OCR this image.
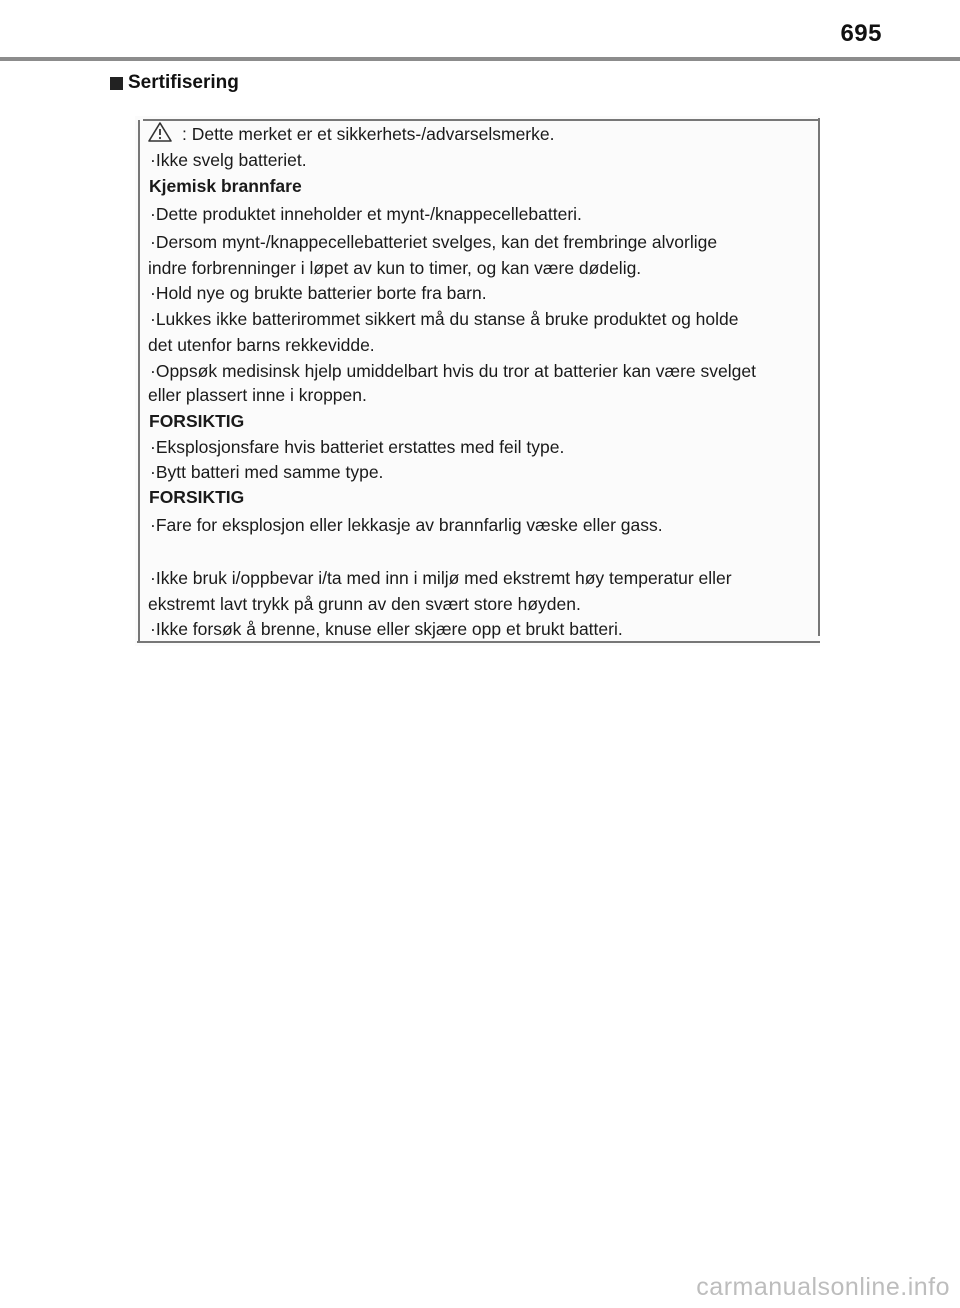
695
Sertifisering
: Dette merket er et sikkerhets-/advarselsmerke.
·Ikke svelg batteriet.
Kjemisk brannfare
·Dette produktet inneholder et mynt-/knappecellebatteri.
·Dersom mynt-/knappecellebatteriet svelges, kan det frembringe alvorlige
indre forbrenninger i løpet av kun to timer, og kan være dødelig.
·Hold nye og brukte batterier borte fra barn.
·Lukkes ikke batterirommet sikkert må du stanse å bruke produktet og holde
det utenfor barns rekkevidde.
·Oppsøk medisinsk hjelp umiddelbart hvis du tror at batterier kan være svelget
eller plassert inne i kroppen.
FORSIKTIG
·Eksplosjonsfare hvis batteriet erstattes med feil type.
·Bytt batteri med samme type.
FORSIKTIG
·Fare for eksplosjon eller lekkasje av brannfarlig væske eller gass.
·Ikke bruk i/oppbevar i/ta med inn i miljø med ekstremt høy temperatur eller
ekstremt lavt trykk på grunn av den svært store høyden.
·Ikke forsøk å brenne, knuse eller skjære opp et brukt batteri.
carmanualsonline.info
